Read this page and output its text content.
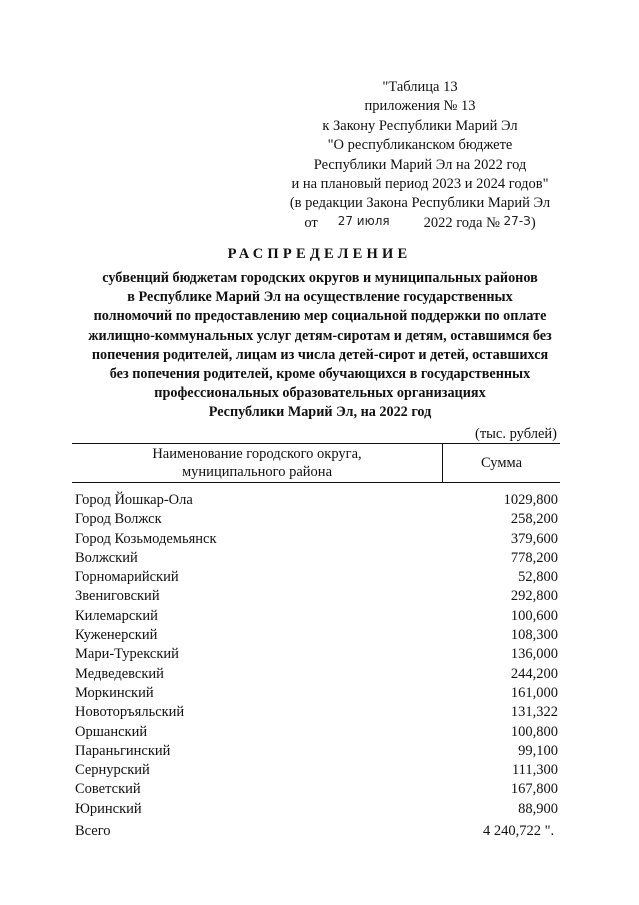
"Таблица 13
приложения № 13
к Закону Республики Марий Эл
"О республиканском бюджете
Республики Марий Эл на 2022 год
и на плановый период 2023 и 2024 годов"
(в редакции Закона Республики Марий Эл
от 27 июля 2022 года № 27-З)
РАСПРЕДЕЛЕНИЕ
субвенций бюджетам городских округов и муниципальных районов
в Республике Марий Эл на осуществление государственных
полномочий по предоставлению мер социальной поддержки по оплате
жилищно-коммунальных услуг детям-сиротам и детям, оставшимся без
попечения родителей, лицам из числа детей-сирот и детей, оставшихся
без попечения родителей, кроме обучающихся в государственных
профессиональных образовательных организациях
Республики Марий Эл, на 2022 год
(тыс. рублей)
Наименование городского округа,
муниципального района	Сумма

Город Йошкар-Ола	1029,800
Город Волжск	258,200
Город Козьмодемьянск	379,600
Волжский	778,200
Горномарийский	52,800
Звениговский	292,800
Килемарский	100,600
Куженерский	108,300
Мари-Турекский	136,000
Медведевский	244,200
Моркинский	161,000
Новоторъяльский	131,322
Оршанский	100,800
Параньгинский	99,100
Сернурский	111,300
Советский	167,800
Юринский	88,900
Всего	4 240,722 ".
